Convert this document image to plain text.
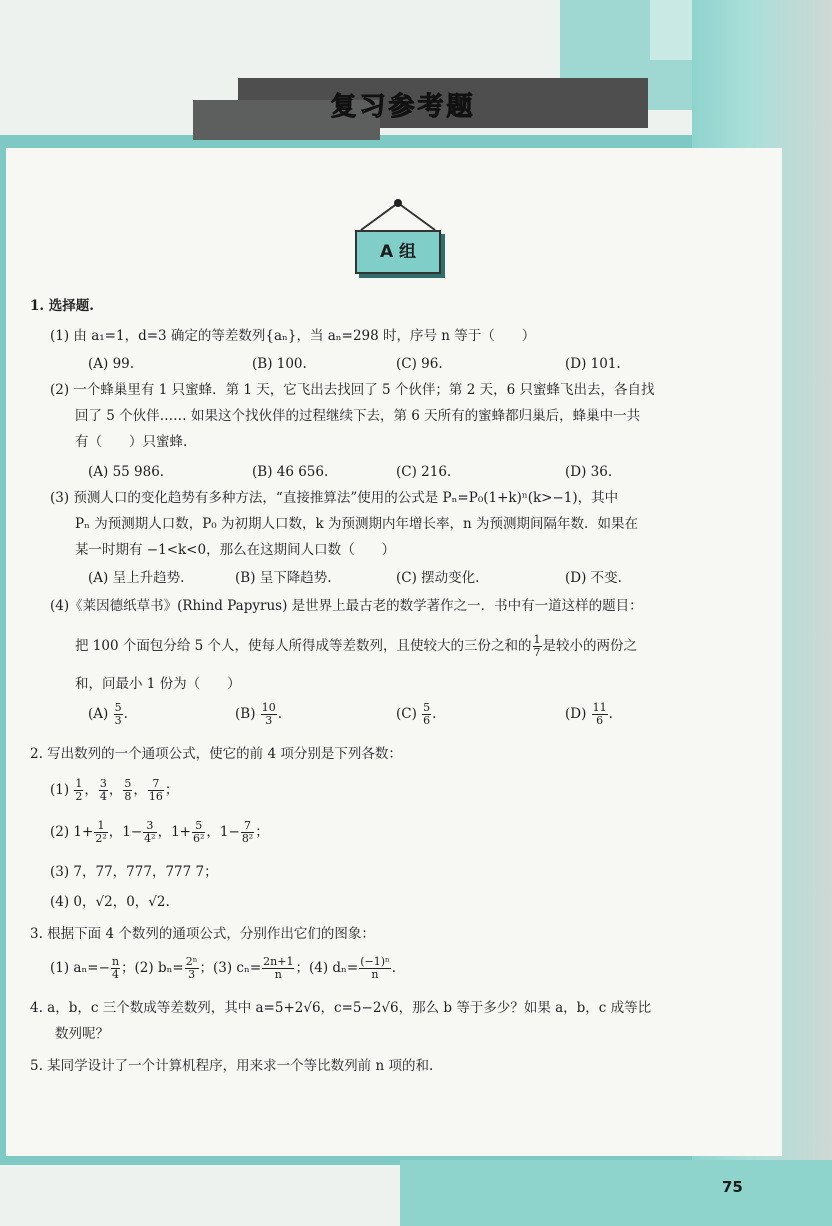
复习参考题
A 组
1. 选择题.
(1) 由 a₁=1，d=3 确定的等差数列{aₙ}，当 aₙ=298 时，序号 n 等于（　　）
(A) 99.	(B) 100.	(C) 96.	(D) 101.
(2) 一个蜂巢里有 1 只蜜蜂．第 1 天，它飞出去找回了 5 个伙伴；第 2 天，6 只蜜蜂飞出去，各自找
回了 5 个伙伴…… 如果这个找伙伴的过程继续下去，第 6 天所有的蜜蜂都归巢后，蜂巢中一共
有（　　）只蜜蜂.
(A) 55 986.	(B) 46 656.	(C) 216.	(D) 36.
(3) 预测人口的变化趋势有多种方法，“直接推算法”使用的公式是 Pₙ=P₀(1+k)ⁿ(k>−1)，其中
Pₙ 为预测期人口数，P₀ 为初期人口数，k 为预测期内年增长率，n 为预测期间隔年数．如果在
某一时期有 −1<k<0，那么在这期间人口数（　　）
(A) 呈上升趋势.	(B) 呈下降趋势.	(C) 摆动变化.	(D) 不变.
(4)《莱因德纸草书》(Rhind Papyrus) 是世界上最古老的数学著作之一．书中有一道这样的题目：
把 100 个面包分给 5 个人，使每人所得成等差数列，且使较大的三份之和的 $\frac{1}{7}$ 是较小的两份之
和，问最小 1 份为（　　）
$(A) \frac{5}{3}$ .	$(B) \frac{10}{3}$ .	$(C) \frac{5}{6}$ .	$(D) \frac{11}{6}$ .
2. 写出数列的一个通项公式，使它的前 4 项分别是下列各数：
$(1) \frac{1}{2}$ ， $\frac{3}{4}$ ， $\frac{5}{8}$ ， $\frac{7}{16}$ ；
(2) $1+ \frac{1}{\text{2²}}$ ，$1- \frac{3}{\text{4²}}$ ，$1+ \frac{5}{\text{6²}}$ ，$1- \frac{7}{\text{8²}}$ ；
(3) 7，77，777，777 7；
(4) 0，√2，0，√2.
3. 根据下面 4 个数列的通项公式，分别作出它们的图象：
(1) $a_n=- \frac{n}{4}$ ；(2) $b_n= \frac{\text{2ⁿ}}{3}$ ；(3) $c_n= \frac{2n+1}{n}$ ；(4) $d_n= \frac{\text{(−1)ⁿ}}{n}$ .
4. a，b，c 三个数成等差数列，其中 a=5+2√6，c=5−2√6，那么 b 等于多少？如果 a，b，c 成等比
数列呢？
5. 某同学设计了一个计算机程序，用来求一个等比数列前 n 项的和.
75
